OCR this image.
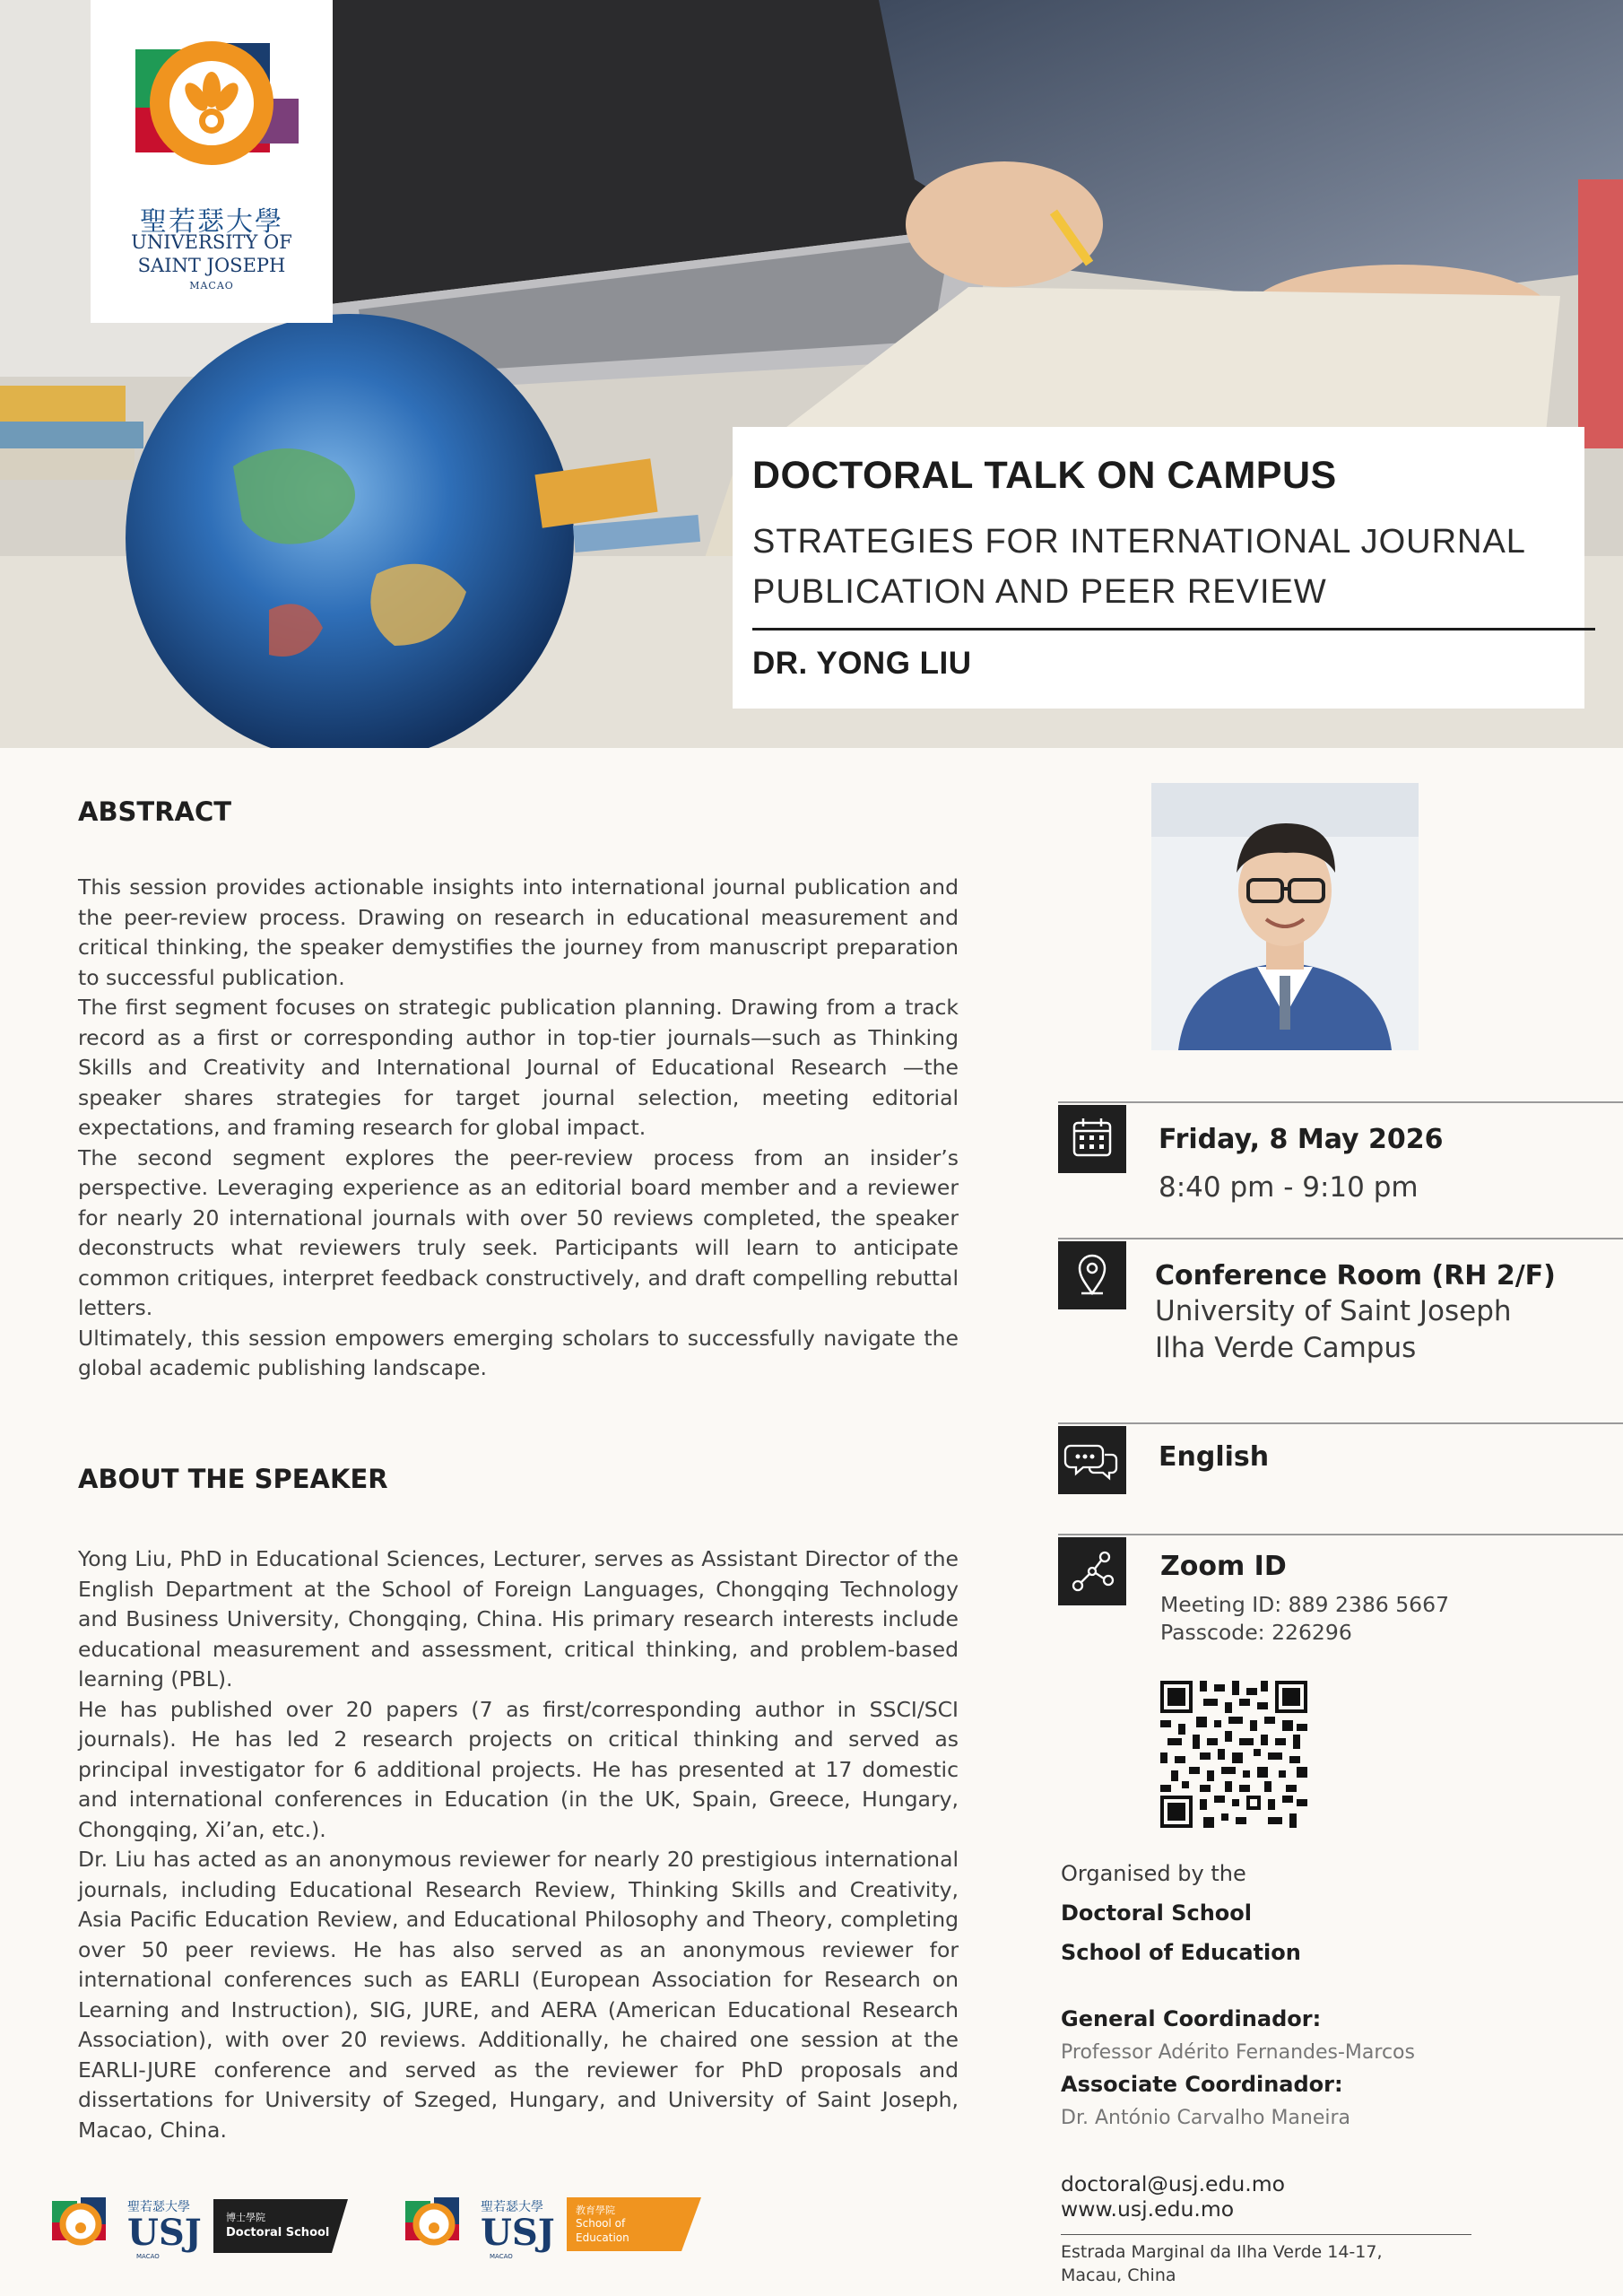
聖若瑟大學
UNIVERSITY OF
SAINT JOSEPH
MACAO
DOCTORAL TALK ON CAMPUS
STRATEGIES FOR INTERNATIONAL JOURNAL PUBLICATION AND PEER REVIEW
DR. YONG LIU
ABSTRACT

This session provides actionable insights into international journal publication and the peer-review process. Drawing on research in educational measurement and critical thinking, the speaker demystifies the journey from manuscript preparation to successful publication.

The first segment focuses on strategic publication planning. Drawing from a track record as a first or corresponding author in top-tier journals—such as Thinking Skills and Creativity and International Journal of Educational Research —the speaker shares strategies for target journal selection, meeting editorial expectations, and framing research for global impact.

The second segment explores the peer-review process from an insider’s perspective. Leveraging experience as an editorial board member and a reviewer for nearly 20 international journals with over 50 reviews completed, the speaker deconstructs what reviewers truly seek. Participants will learn to anticipate common critiques, interpret feedback constructively, and draft compelling rebuttal letters.

Ultimately, this session empowers emerging scholars to successfully navigate the global academic publishing landscape.

ABOUT THE SPEAKER

Yong Liu, PhD in Educational Sciences, Lecturer, serves as Assistant Director of the English Department at the School of Foreign Languages, Chongqing Technology and Business University, Chongqing, China. His primary research interests include educational measurement and assessment, critical thinking, and problem-based learning (PBL).

He has published over 20 papers (7 as first/corresponding author in SSCI/SCI journals). He has led 2 research projects on critical thinking and served as principal investigator for 6 additional projects. He has presented at 17 domestic and international conferences in Education (in the UK, Spain, Greece, Hungary, Chongqing, Xi’an, etc.).

Dr. Liu has acted as an anonymous reviewer for nearly 20 prestigious international journals, including Educational Research Review, Thinking Skills and Creativity, Asia Pacific Education Review, and Educational Philosophy and Theory, completing over 50 peer reviews. He has also served as an anonymous reviewer for international conferences such as EARLI (European Association for Research on Learning and Instruction), SIG, JURE, and AERA (American Educational Research Association), with over 20 reviews. Additionally, he chaired one session at the EARLI-JURE conference and served as the reviewer for PhD proposals and dissertations for University of Szeged, Hungary, and University of Saint Joseph, Macao, China.

Friday, 8 May 2026
8:40 pm - 9:10 pm
Conference Room (RH 2/F)
University of Saint Joseph
Ilha Verde Campus
English
Zoom ID
Meeting ID: 889 2386 5667
Passcode: 226296
Organised by the
Doctoral School
School of Education
General Coordinador:
Professor Adérito Fernandes-Marcos
Associate Coordinador:
Dr. António Carvalho Maneira
doctoral@usj.edu.mo
www.usj.edu.mo
Estrada Marginal da Ilha Verde 14-17,
Macau, China
聖若瑟大學
USJ
MACAO
博士學院
Doctoral School
聖若瑟大學
USJ
MACAO
教育學院
School of
Education
